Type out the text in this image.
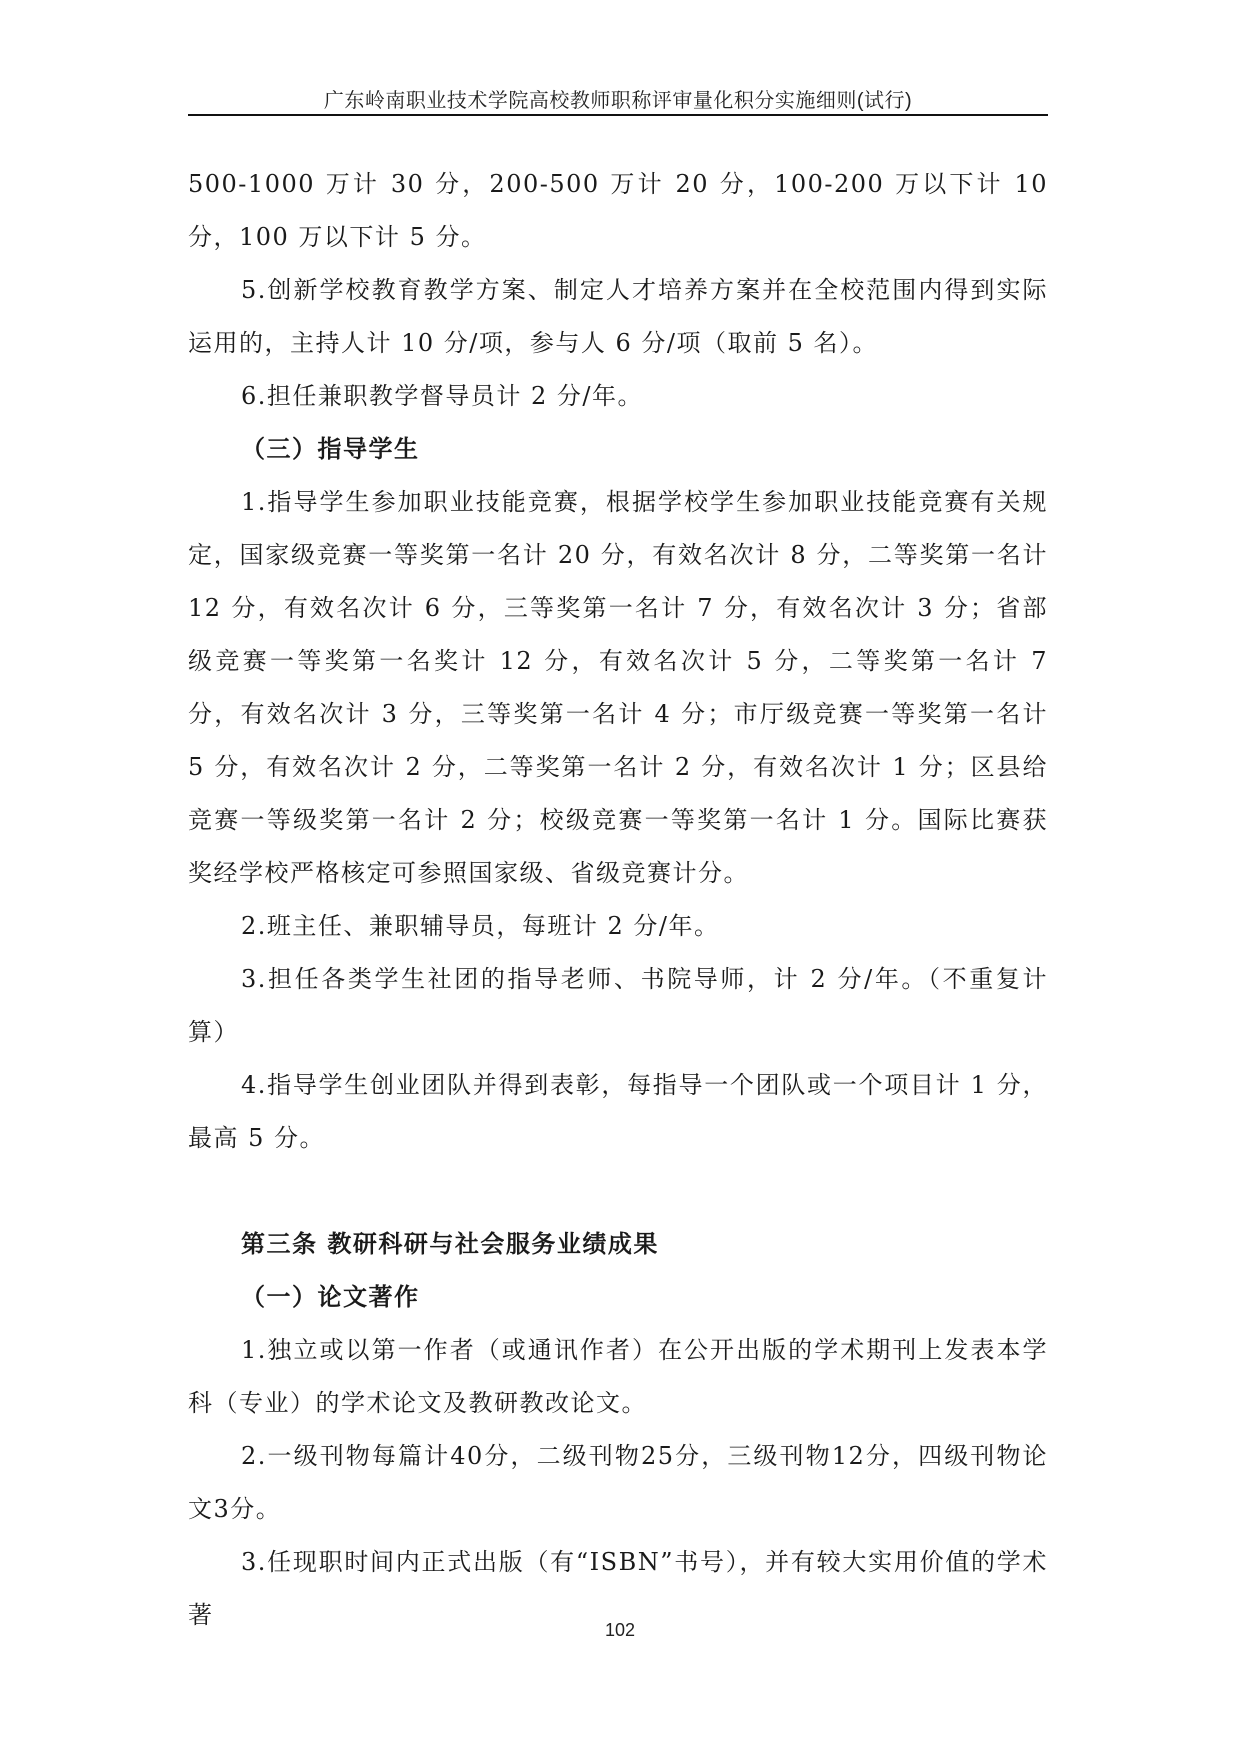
广东岭南职业技术学院高校教师职称评审量化积分实施细则(试行)

500-1000 万计 30 分，200-500 万计 20 分，100-200 万以下计 10 分，100 万以下计 5 分。

5.创新学校教育教学方案、制定人才培养方案并在全校范围内得到实际运用的，主持人计 10 分/项，参与人 6 分/项（取前 5 名）。

6.担任兼职教学督导员计 2 分/年。

（三）指导学生

1.指导学生参加职业技能竞赛，根据学校学生参加职业技能竞赛有关规定，国家级竞赛一等奖第一名计 20 分，有效名次计 8 分，二等奖第一名计 12 分，有效名次计 6 分，三等奖第一名计 7 分，有效名次计 3 分；省部级竞赛一等奖第一名奖计 12 分，有效名次计 5 分，二等奖第一名计 7 分，有效名次计 3 分，三等奖第一名计 4 分；市厅级竞赛一等奖第一名计 5 分，有效名次计 2 分，二等奖第一名计 2 分，有效名次计 1 分；区县给竞赛一等级奖第一名计 2 分；校级竞赛一等奖第一名计 1 分。国际比赛获奖经学校严格核定可参照国家级、省级竞赛计分。

2.班主任、兼职辅导员，每班计 2 分/年。

3.担任各类学生社团的指导老师、书院导师，计 2 分/年。（不重复计算）

4.指导学生创业团队并得到表彰，每指导一个团队或一个项目计 1 分，最高 5 分。

第三条 教研科研与社会服务业绩成果

（一）论文著作

1.独立或以第一作者（或通讯作者）在公开出版的学术期刊上发表本学科（专业）的学术论文及教研教改论文。

2.一级刊物每篇计40分，二级刊物25分，三级刊物12分，四级刊物论文3分。

3.任现职时间内正式出版（有“ISBN”书号），并有较大实用价值的学术著

102
